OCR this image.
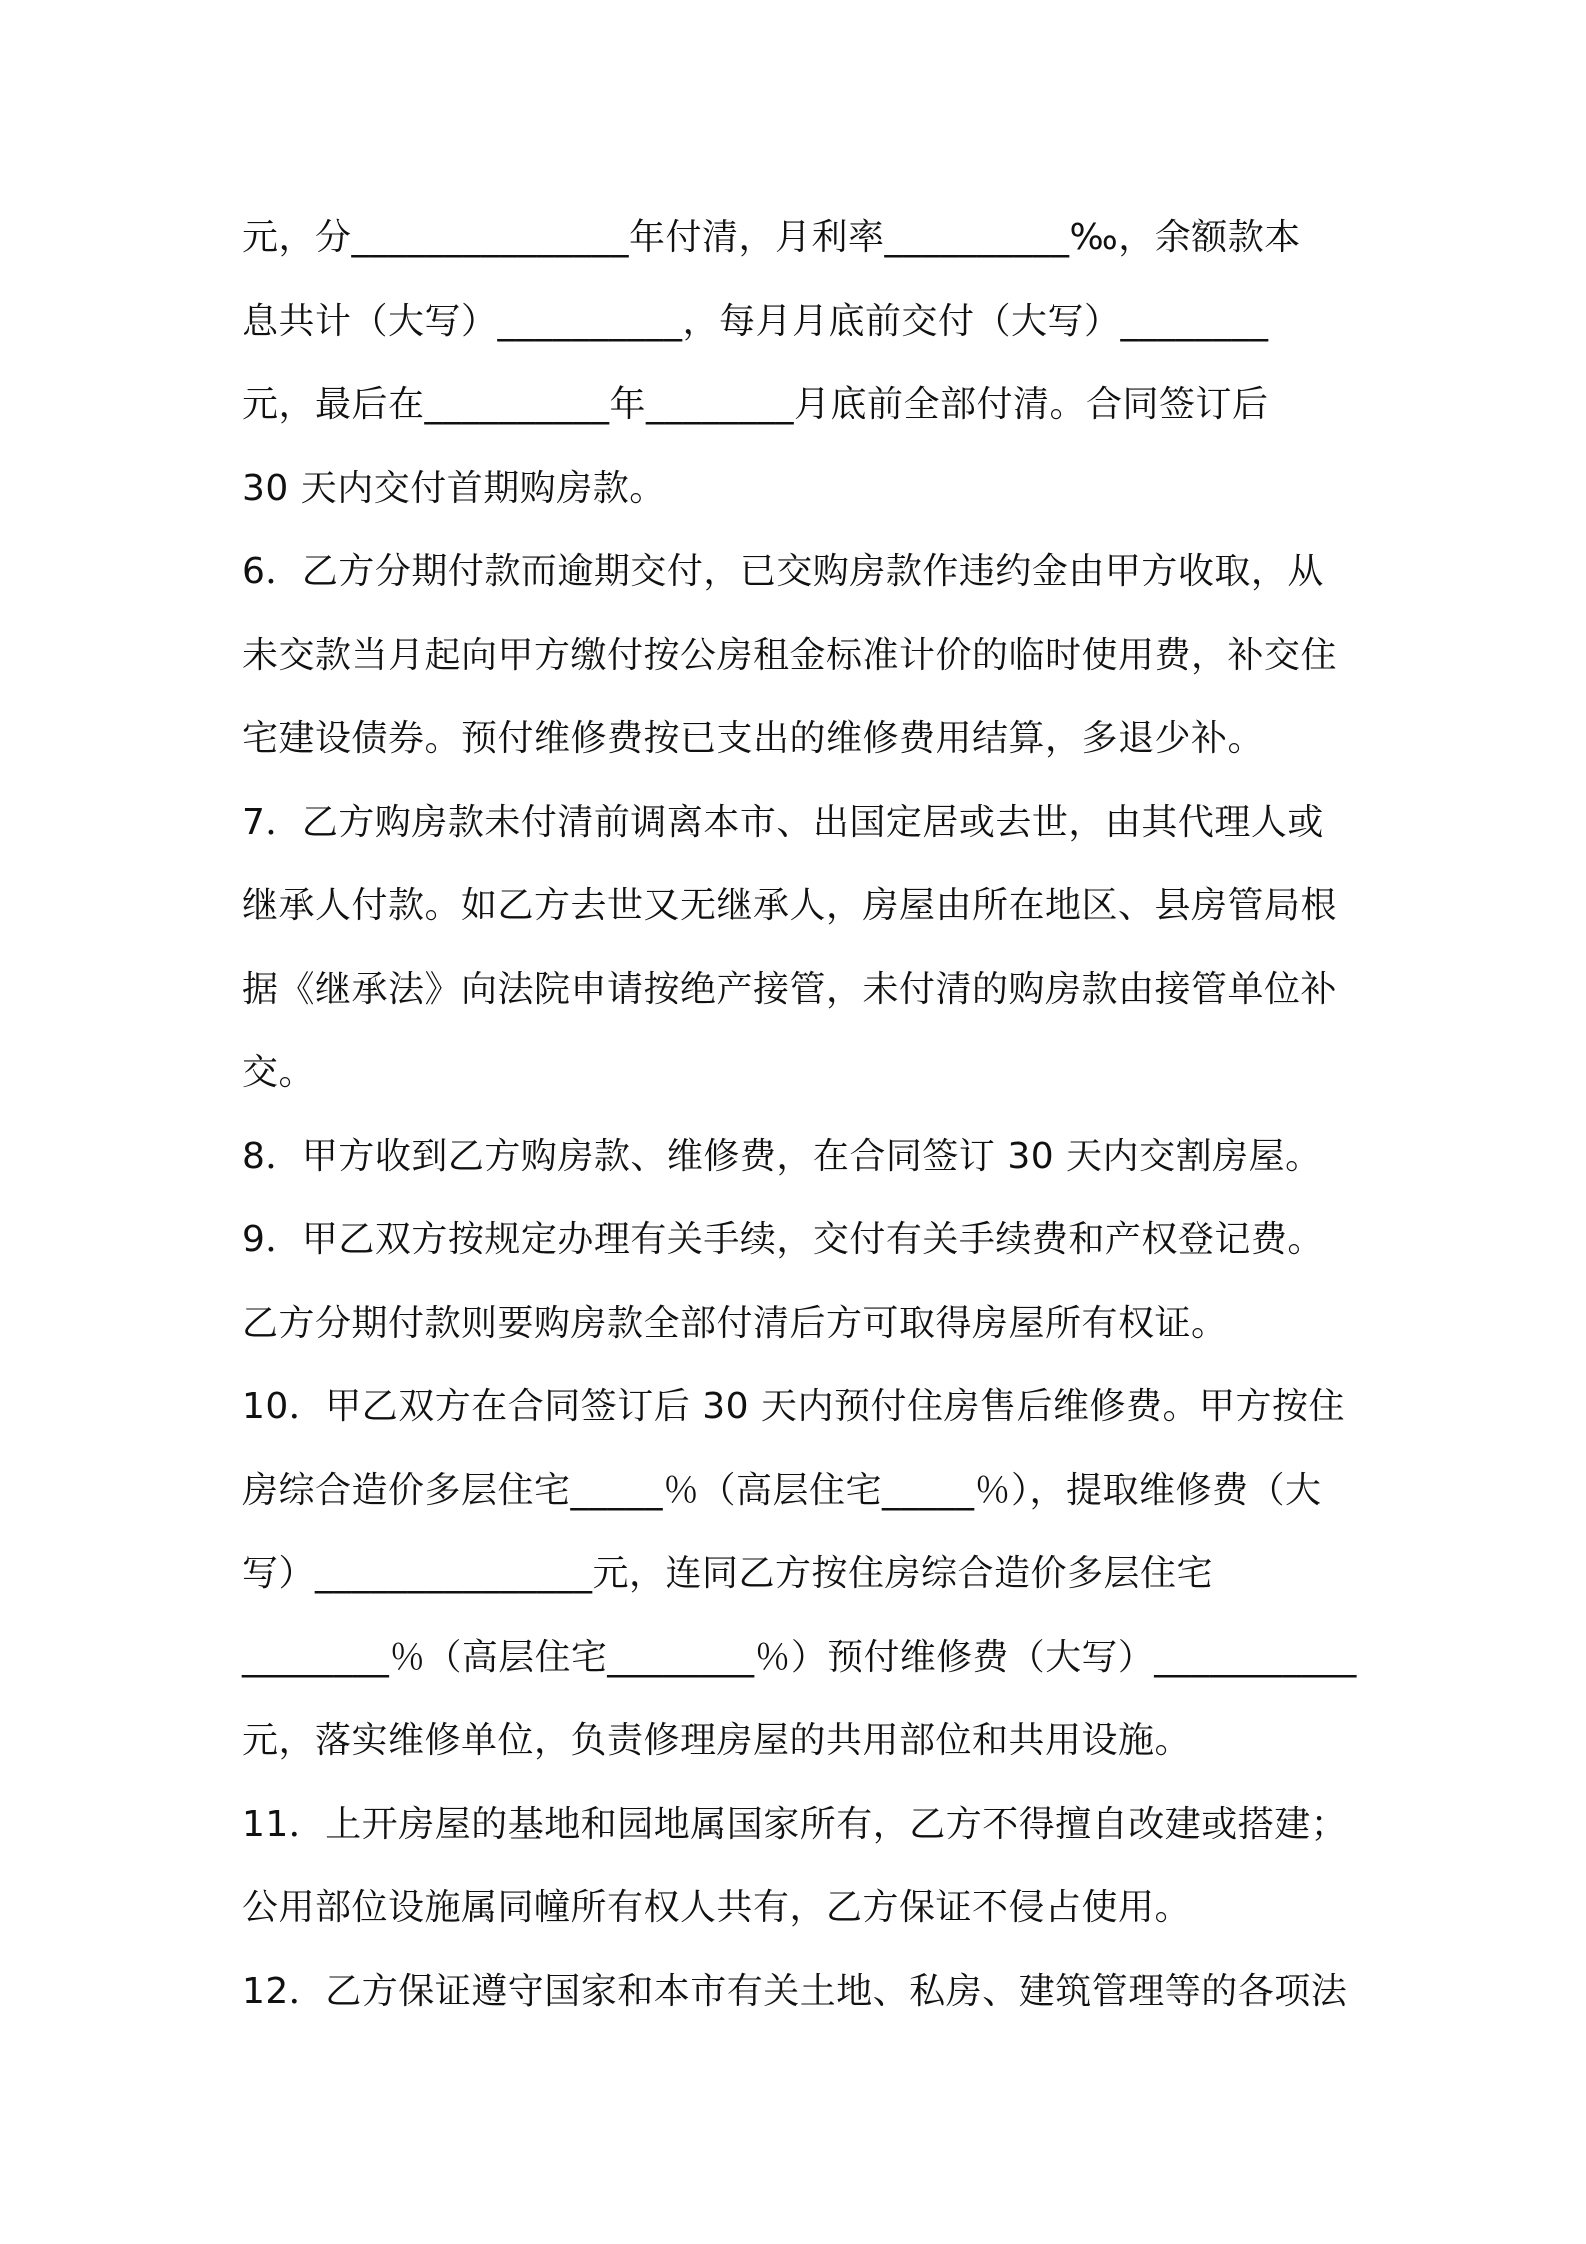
元，分_______________年付清，月利率__________‰，余额款本
息共计（大写）__________，每月月底前交付（大写）________
元，最后在__________年________月底前全部付清。合同签订后
30 天内交付首期购房款。
6．乙方分期付款而逾期交付，已交购房款作违约金由甲方收取，从
未交款当月起向甲方缴付按公房租金标准计价的临时使用费，补交住
宅建设债券。预付维修费按已支出的维修费用结算，多退少补。
7．乙方购房款未付清前调离本市、出国定居或去世，由其代理人或
继承人付款。如乙方去世又无继承人，房屋由所在地区、县房管局根
据《继承法》向法院申请按绝产接管，未付清的购房款由接管单位补
交。
8．甲方收到乙方购房款、维修费，在合同签订 30 天内交割房屋。
9．甲乙双方按规定办理有关手续，交付有关手续费和产权登记费。
乙方分期付款则要购房款全部付清后方可取得房屋所有权证。
10．甲乙双方在合同签订后 30 天内预付住房售后维修费。甲方按住
房综合造价多层住宅_____％（高层住宅_____％），提取维修费（大
写）_______________元，连同乙方按住房综合造价多层住宅
________％（高层住宅________％）预付维修费（大写）___________
元，落实维修单位，负责修理房屋的共用部位和共用设施。
11．上开房屋的基地和园地属国家所有，乙方不得擅自改建或搭建；
公用部位设施属同幢所有权人共有，乙方保证不侵占使用。
12．乙方保证遵守国家和本市有关土地、私房、建筑管理等的各项法
